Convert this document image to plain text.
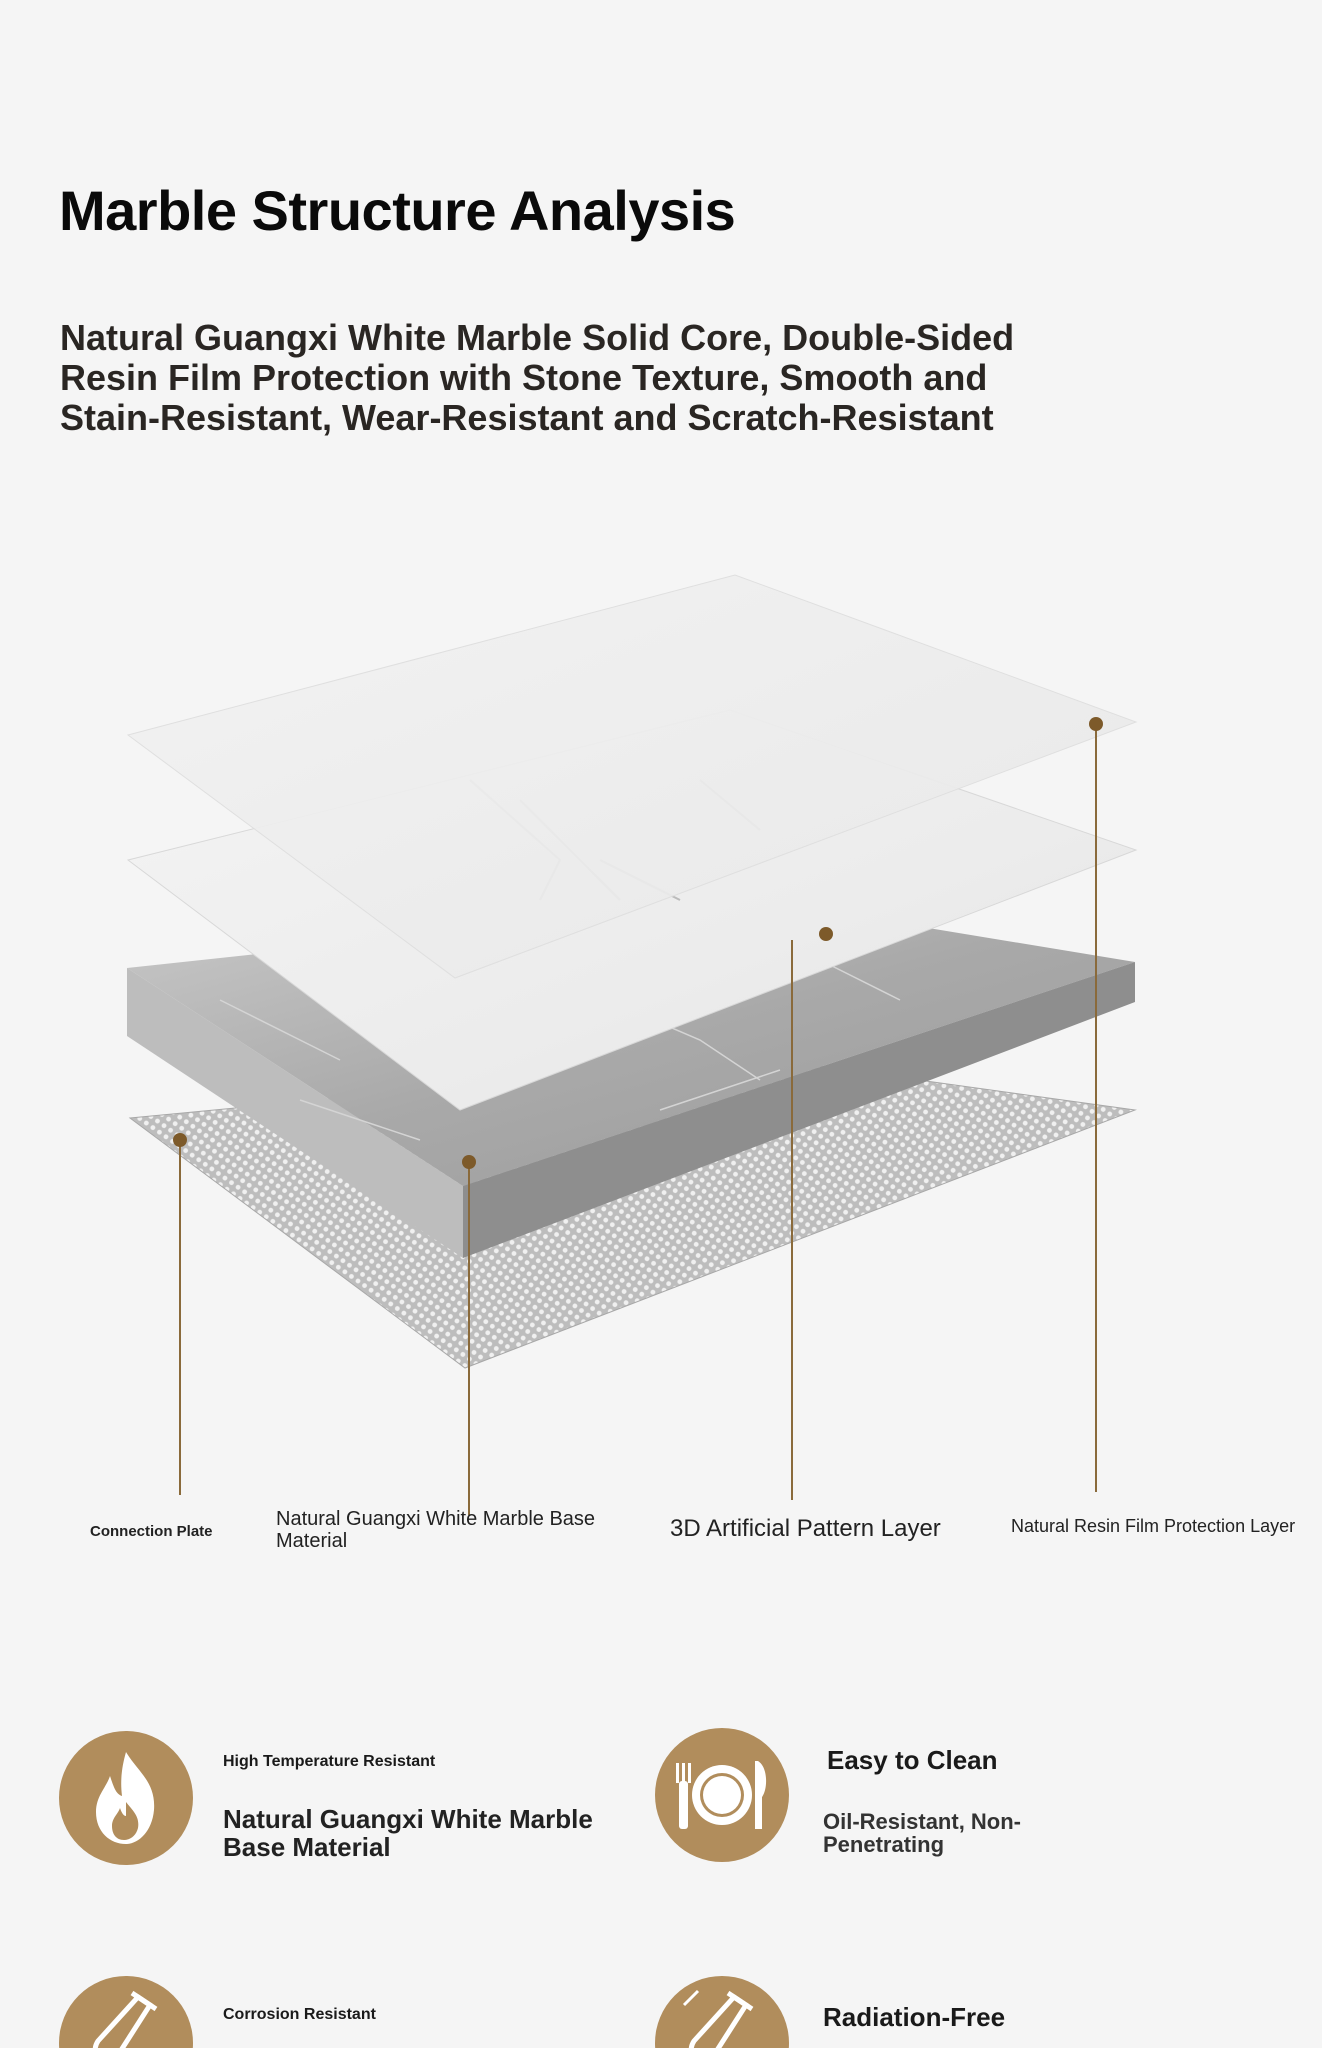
Marble Structure Analysis

Natural Guangxi White Marble Solid Core, Double-Sided Resin Film Protection with Stone Texture, Smooth and Stain-Resistant, Wear-Resistant and Scratch-Resistant

Connection Plate
Natural Guangxi White Marble Base Material	3D Artificial Pattern Layer	Natural Resin Film Protection Layer
High Temperature Resistant
Natural Guangxi White Marble Base Material
Easy to Clean
Oil-Resistant, Non-Penetrating
Corrosion Resistant	Radiation-Free
